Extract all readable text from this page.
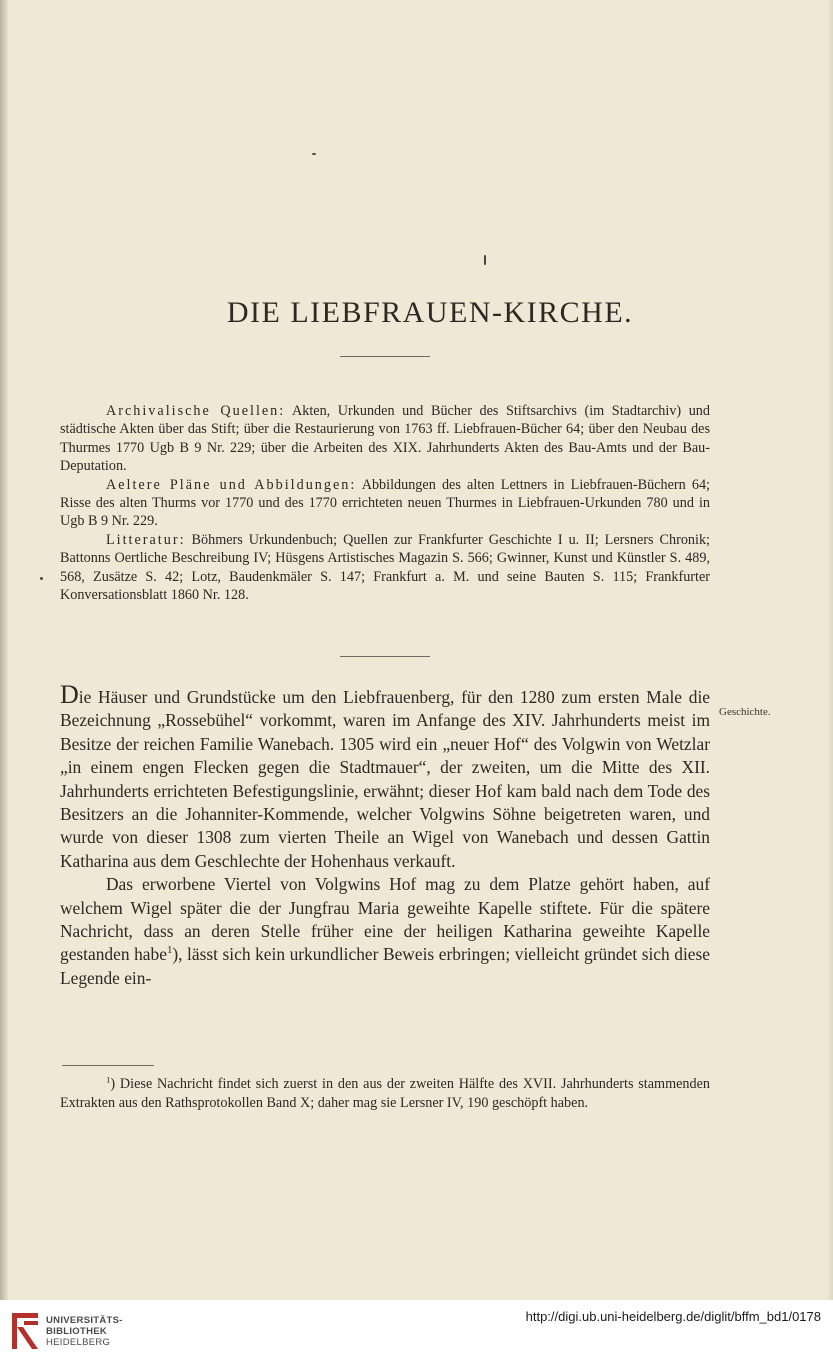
DIE LIEBFRAUEN-KIRCHE.

Archivalische Quellen: Akten, Urkunden und Bücher des Stiftsarchivs (im Stadtarchiv) und städtische Akten über das Stift; über die Restaurierung von 1763 ff. Liebfrauen-Bücher 64; über den Neubau des Thurmes 1770 Ugb B 9 Nr. 229; über die Arbeiten des XIX. Jahrhunderts Akten des Bau-Amts und der Bau-Deputation.

Aeltere Pläne und Abbildungen: Abbildungen des alten Lettners in Liebfrauen-Büchern 64; Risse des alten Thurms vor 1770 und des 1770 errichteten neuen Thurmes in Liebfrauen-Urkunden 780 und in Ugb B 9 Nr. 229.

Litteratur: Böhmers Urkundenbuch; Quellen zur Frankfurter Geschichte I u. II; Lersners Chronik; Battonns Oertliche Beschreibung IV; Hüsgens Artistisches Magazin S. 566; Gwinner, Kunst und Künstler S. 489, 568, Zusätze S. 42; Lotz, Baudenkmäler S. 147; Frankfurt a. M. und seine Bauten S. 115; Frankfurter Konversationsblatt 1860 Nr. 128.

Geschichte.

Die Häuser und Grundstücke um den Liebfrauenberg, für den 1280 zum ersten Male die Bezeichnung „Rossebühel“ vorkommt, waren im Anfange des XIV. Jahrhunderts meist im Besitze der reichen Familie Wanebach. 1305 wird ein „neuer Hof“ des Volgwin von Wetzlar „in einem engen Flecken gegen die Stadtmauer“, der zweiten, um die Mitte des XII. Jahrhunderts errichteten Befestigungslinie, erwähnt; dieser Hof kam bald nach dem Tode des Besitzers an die Johanniter-Kommende, welcher Volgwins Söhne beigetreten waren, und wurde von dieser 1308 zum vierten Theile an Wigel von Wanebach und dessen Gattin Katharina aus dem Geschlechte der Hohenhaus verkauft.

Das erworbene Viertel von Volgwins Hof mag zu dem Platze gehört haben, auf welchem Wigel später die der Jungfrau Maria geweihte Kapelle stiftete. Für die spätere Nachricht, dass an deren Stelle früher eine der heiligen Katharina geweihte Kapelle gestanden habe$^1$), lässt sich kein urkundlicher Beweis erbringen; vielleicht gründet sich diese Legende ein-

$^1$) Diese Nachricht findet sich zuerst in den aus der zweiten Hälfte des XVII. Jahrhunderts stammenden Extrakten aus den Rathsprotokollen Band X; daher mag sie Lersner IV, 190 geschöpft haben.

UNIVERSITÄTS-
BIBLIOTHEK
HEIDELBERG
http://digi.ub.uni-heidelberg.de/diglit/bffm_bd1/0178
